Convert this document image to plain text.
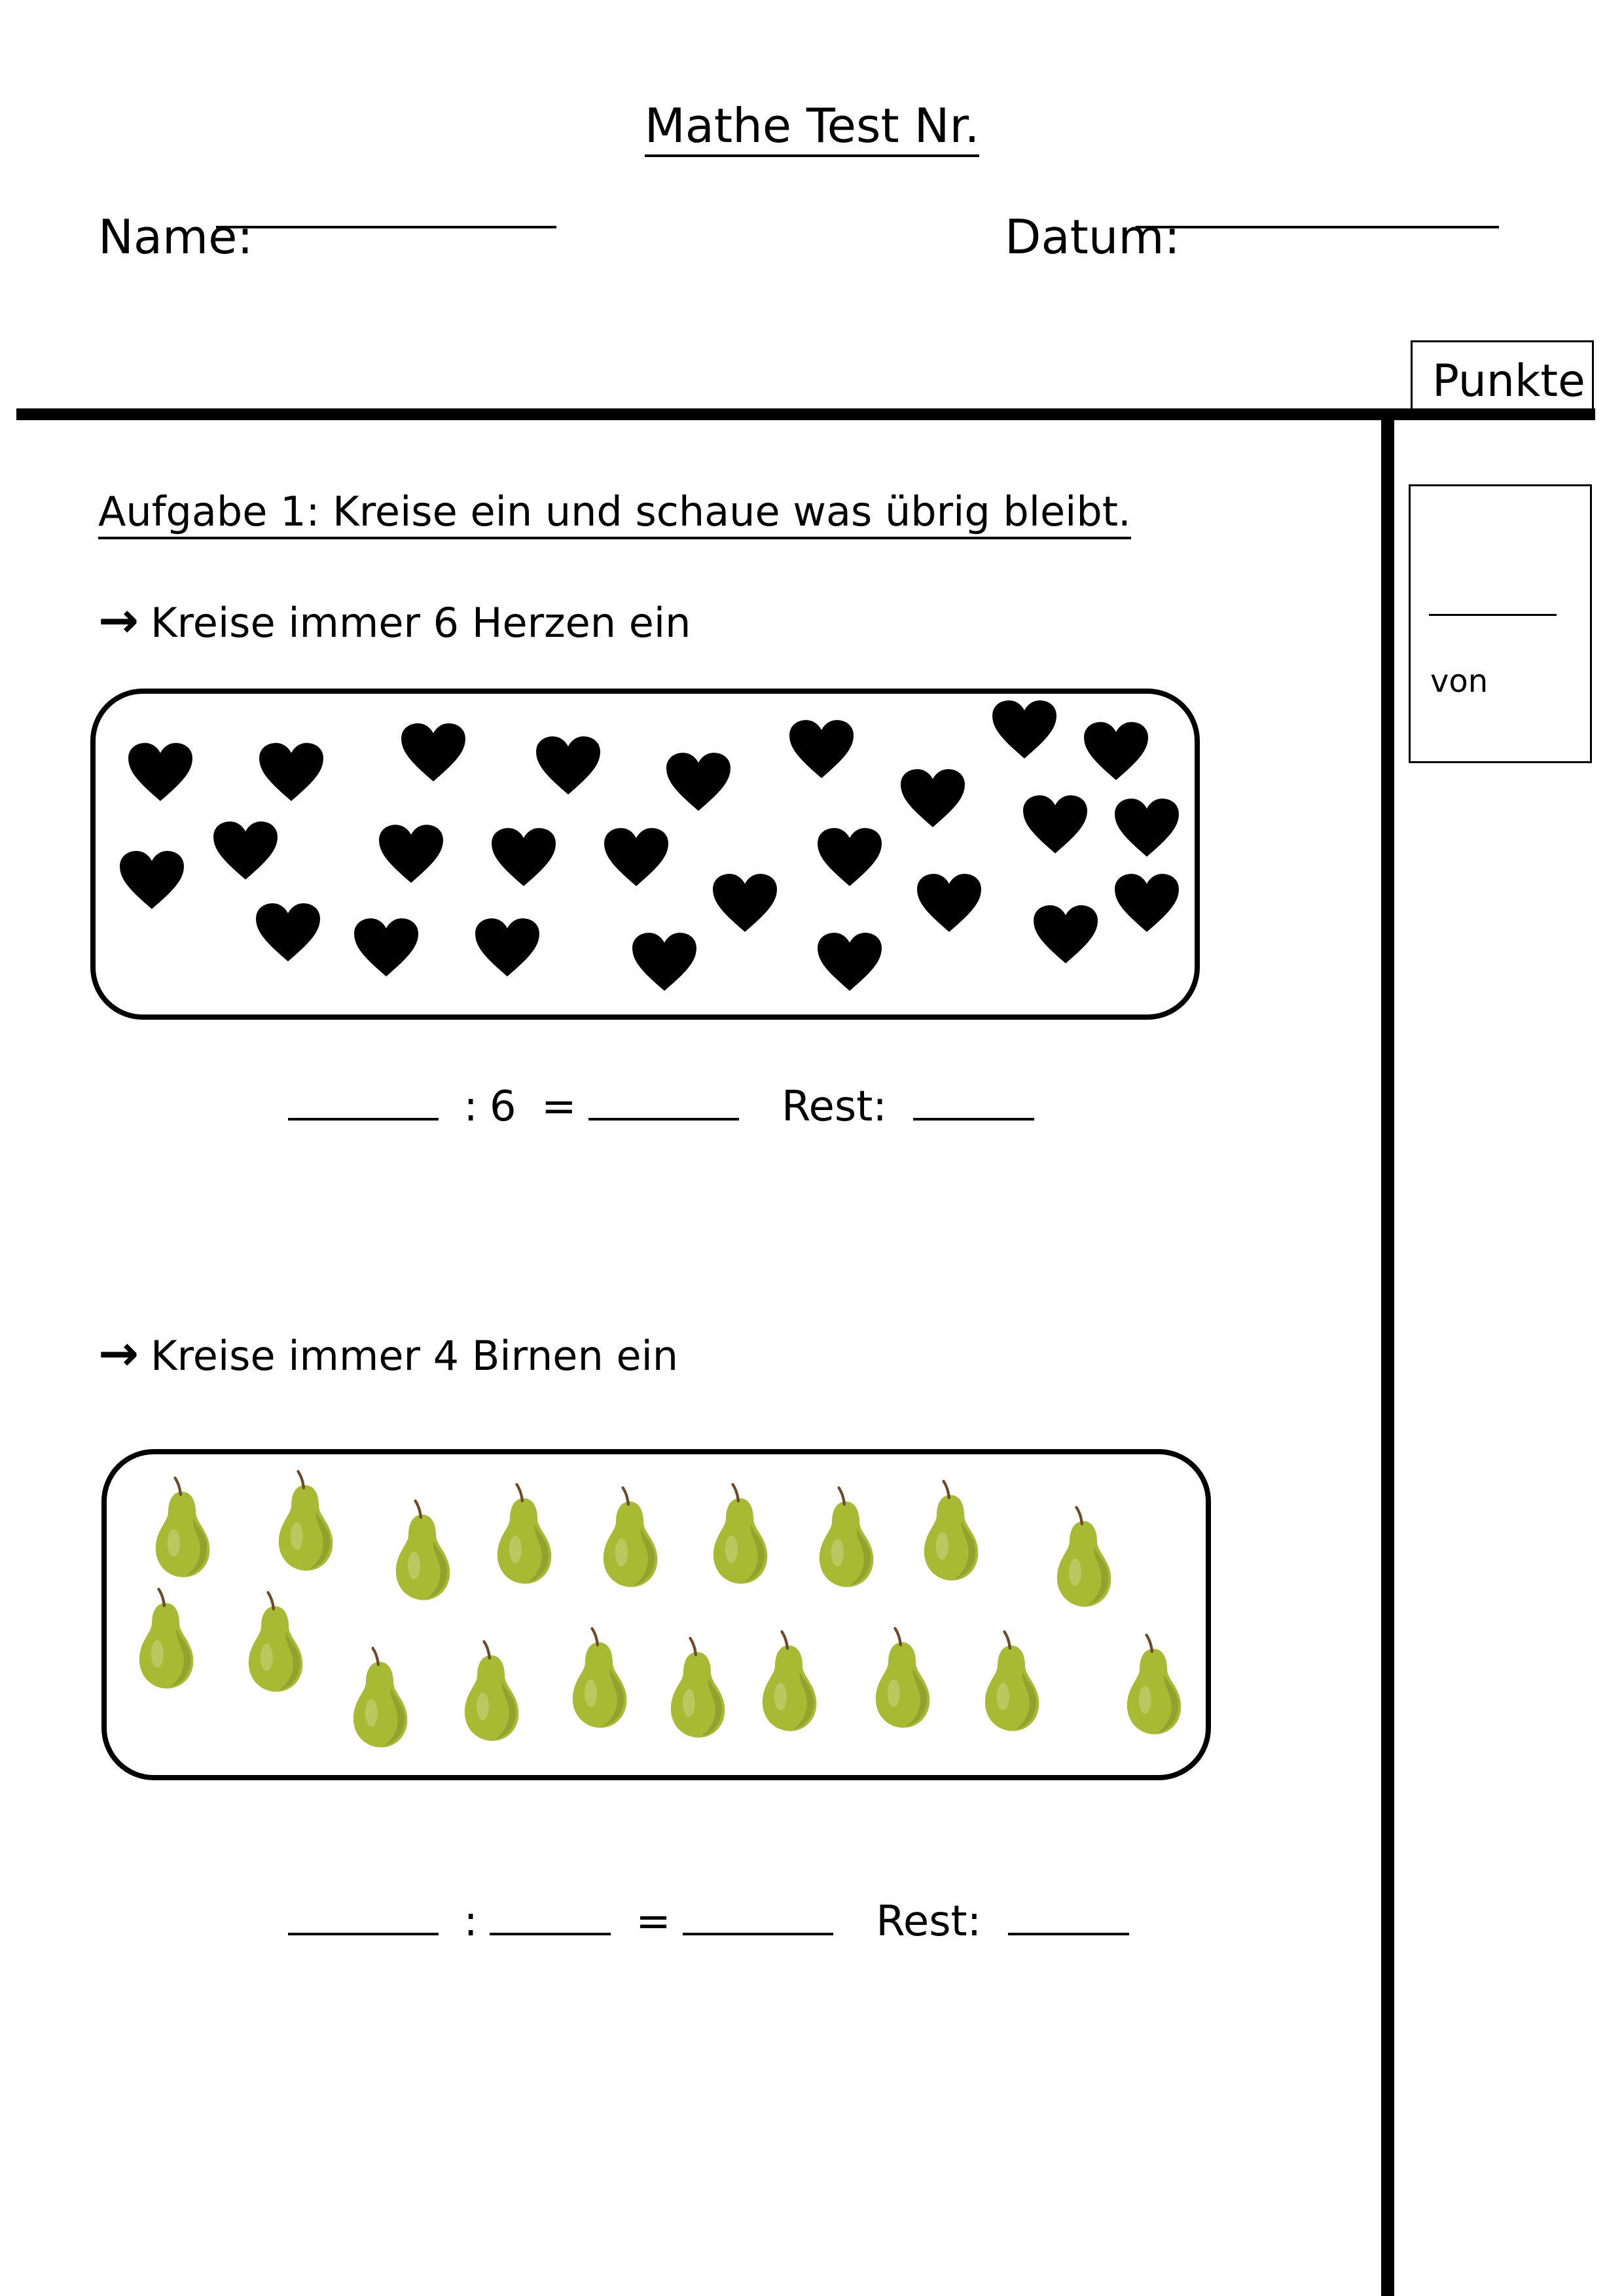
Mathe Test Nr.
Name:	Datum:
Punkte
von
Aufgabe 1: Kreise ein und schaue was übrig bleibt.
→ Kreise immer 6 Herzen ein
: 6 =	Rest:
→ Kreise immer 4 Birnen ein
:	=	Rest:
